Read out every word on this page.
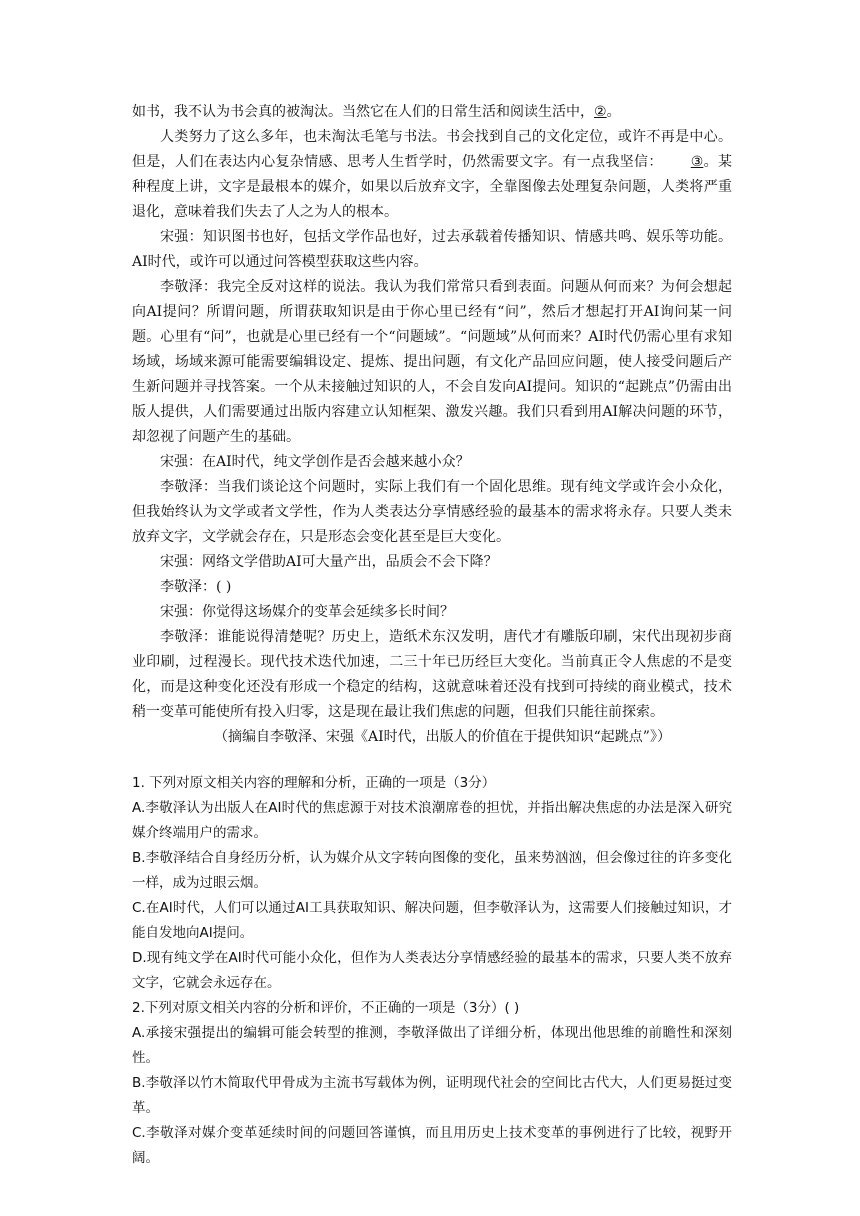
如书，我不认为书会真的被淘汰。当然它在人们的日常生活和阅读生活中，②。

人类努力了这么多年，也未淘汰毛笔与书法。书会找到自己的文化定位，或许不再是中心。但是，人们在表达内心复杂情感、思考人生哲学时，仍然需要文字。有一点我坚信： ③。某种程度上讲，文字是最根本的媒介，如果以后放弃文字，全靠图像去处理复杂问题，人类将严重退化，意味着我们失去了人之为人的根本。

宋强：知识图书也好，包括文学作品也好，过去承载着传播知识、情感共鸣、娱乐等功能。AI时代，或许可以通过问答模型获取这些内容。

李敬泽：我完全反对这样的说法。我认为我们常常只看到表面。问题从何而来？为何会想起向AI提问？所谓问题，所谓获取知识是由于你心里已经有“问”，然后才想起打开AI询问某一问题。心里有“问”，也就是心里已经有一个“问题域”。“问题域”从何而来？AI时代仍需心里有求知场域，场域来源可能需要编辑设定、提炼、提出问题，有文化产品回应问题，使人接受问题后产生新问题并寻找答案。一个从未接触过知识的人，不会自发向AI提问。知识的“起跳点”仍需由出版人提供，人们需要通过出版内容建立认知框架、激发兴趣。我们只看到用AI解决问题的环节，却忽视了问题产生的基础。

宋强：在AI时代，纯文学创作是否会越来越小众？

李敬泽：当我们谈论这个问题时，实际上我们有一个固化思维。现有纯文学或许会小众化，但我始终认为文学或者文学性，作为人类表达分享情感经验的最基本的需求将永存。只要人类未放弃文字，文学就会存在，只是形态会变化甚至是巨大变化。

宋强：网络文学借助AI可大量产出，品质会不会下降？

李敬泽：( )

宋强：你觉得这场媒介的变革会延续多长时间？

李敬泽：谁能说得清楚呢？历史上，造纸术东汉发明，唐代才有雕版印刷，宋代出现初步商业印刷，过程漫长。现代技术迭代加速，二三十年已历经巨大变化。当前真正令人焦虑的不是变化，而是这种变化还没有形成一个稳定的结构，这就意味着还没有找到可持续的商业模式，技术稍一变革可能使所有投入归零，这是现在最让我们焦虑的问题，但我们只能往前探索。

（摘编自李敬泽、宋强《AI时代，出版人的价值在于提供知识“起跳点”》）

1. 下列对原文相关内容的理解和分析，正确的一项是（3分）

A.李敬泽认为出版人在AI时代的焦虑源于对技术浪潮席卷的担忧，并指出解决焦虑的办法是深入研究媒介终端用户的需求。

B.李敬泽结合自身经历分析，认为媒介从文字转向图像的变化，虽来势汹汹，但会像过往的许多变化一样，成为过眼云烟。

C.在AI时代，人们可以通过AI工具获取知识、解决问题，但李敬泽认为，这需要人们接触过知识，才能自发地向AI提问。

D.现有纯文学在AI时代可能小众化，但作为人类表达分享情感经验的最基本的需求，只要人类不放弃文字，它就会永远存在。

2.下列对原文相关内容的分析和评价，不正确的一项是（3分）( )

A.承接宋强提出的编辑可能会转型的推测，李敬泽做出了详细分析，体现出他思维的前瞻性和深刻性。

B.李敬泽以竹木简取代甲骨成为主流书写载体为例，证明现代社会的空间比古代大，人们更易挺过变革。

C.李敬泽对媒介变革延续时间的问题回答谨慎，而且用历史上技术变革的事例进行了比较，视野开阔。
